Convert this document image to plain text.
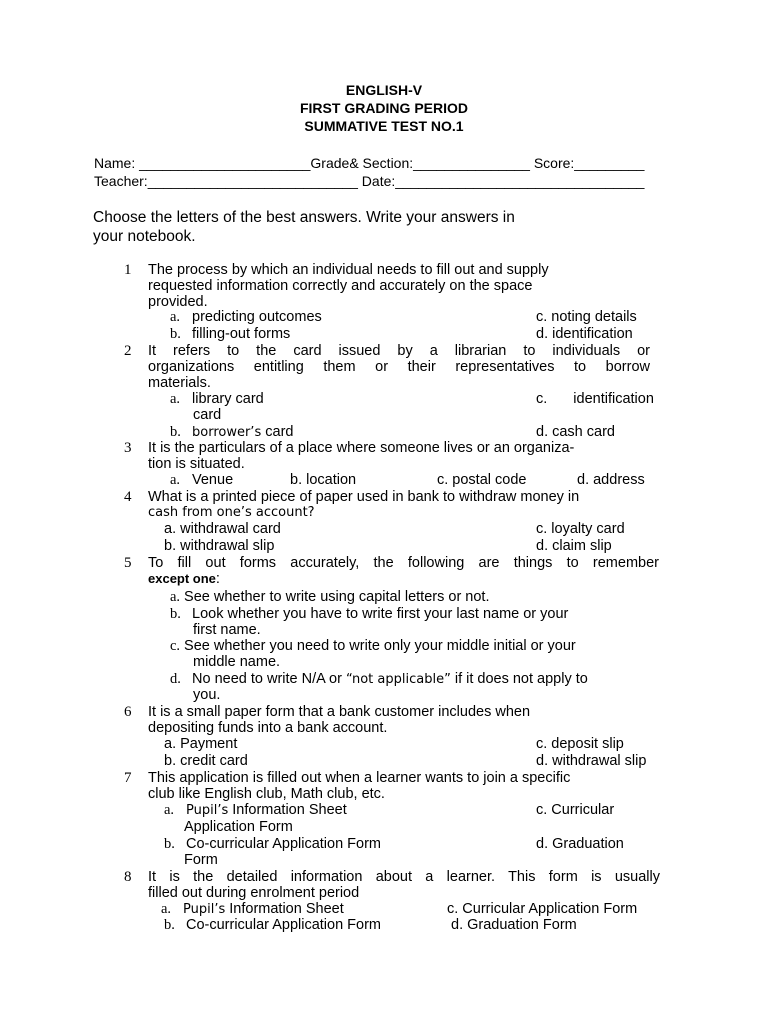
ENGLISH-V
FIRST GRADING PERIOD
SUMMATIVE TEST NO.1
Name: ______________________Grade& Section:_______________ Score:_________
Teacher:___________________________ Date:________________________________
Choose the letters of the best answers. Write your answers in
your notebook.
1 The process by which an individual needs to fill out and supply
requested information correctly and accurately on the space
provided.
a. predicting outcomes	c. noting details
b. filling-out forms	d. identification
2 It refers to the card issued by a librarian to individuals or
organizations entitling them or their representatives to borrow
materials.
a. library card	c. identification
card
b. borrower’s card	d. cash card
3 It is the particulars of a place where someone lives or an organiza-
tion is situated.
a. Venue	b. location	c. postal code	d. address
4 What is a printed piece of paper used in bank to withdraw money in
cash from one’s account?
a. withdrawal card	c. loyalty card
b. withdrawal slip	d. claim slip
5 To fill out forms accurately, the following are things to remember
except one:
a. See whether to write using capital letters or not.
b. Look whether you have to write first your last name or your
first name.
c. See whether you need to write only your middle initial or your
middle name.
d. No need to write N/A or “not applicable” if it does not apply to
you.
6 It is a small paper form that a bank customer includes when
depositing funds into a bank account.
a. Payment	c. deposit slip
b. credit card	d. withdrawal slip
7 This application is filled out when a learner wants to join a specific
club like English club, Math club, etc.
a. Pupil’s Information Sheet	c. Curricular
Application Form
b. Co-curricular Application Form	d. Graduation
Form
8 It is the detailed information about a learner. This form is usually
filled out during enrolment period
a. Pupil’s Information Sheet	c. Curricular Application Form
b. Co-curricular Application Form	d. Graduation Form
